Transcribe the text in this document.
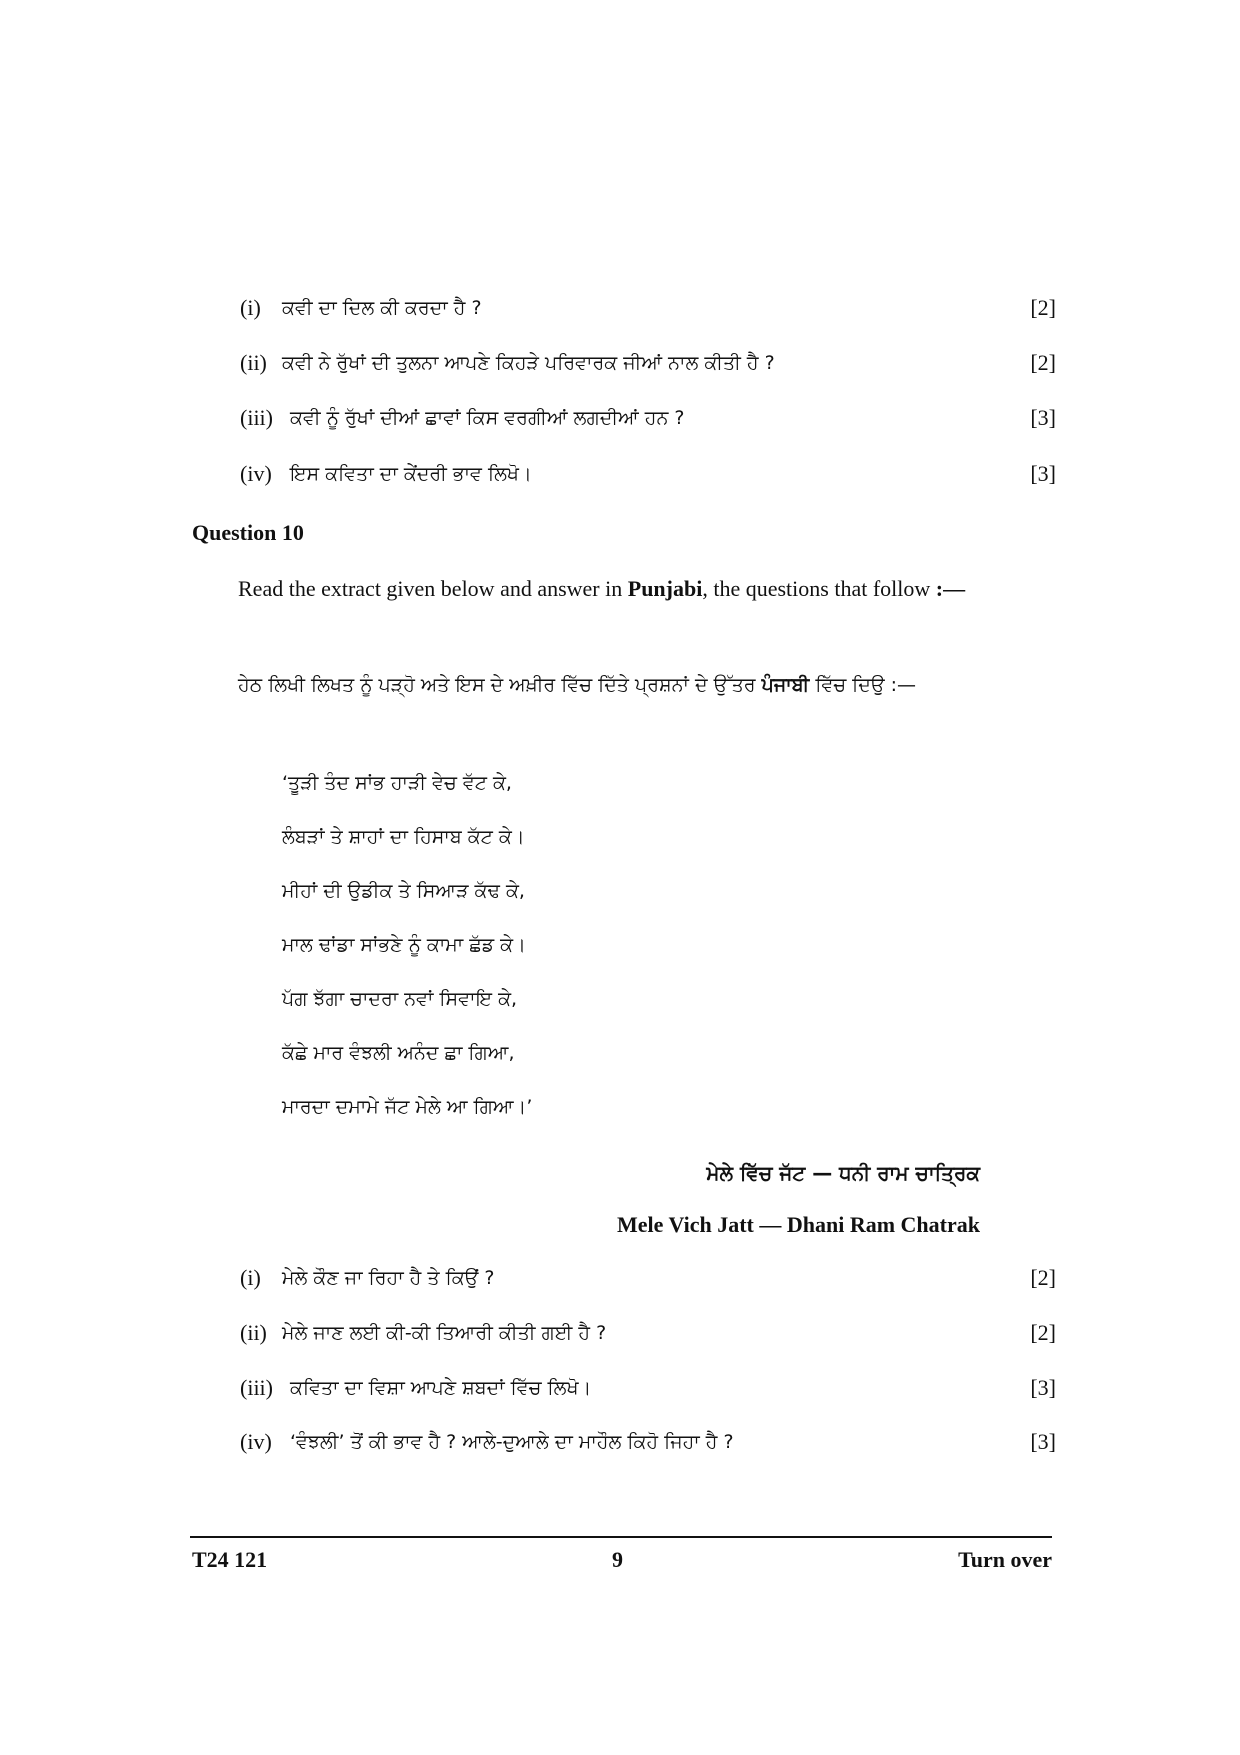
(i) ਕਵੀ ਦਾ ਦਿਲ ਕੀ ਕਰਦਾ ਹੈ ?	[2]
(ii) ਕਵੀ ਨੇ ਰੁੱਖਾਂ ਦੀ ਤੁਲਨਾ ਆਪਣੇ ਕਿਹੜੇ ਪਰਿਵਾਰਕ ਜੀਆਂ ਨਾਲ ਕੀਤੀ ਹੈ ?	[2]
(iii) ਕਵੀ ਨੂੰ ਰੁੱਖਾਂ ਦੀਆਂ ਛਾਵਾਂ ਕਿਸ ਵਰਗੀਆਂ ਲਗਦੀਆਂ ਹਨ ?	[3]
(iv) ਇਸ ਕਵਿਤਾ ਦਾ ਕੇਂਦਰੀ ਭਾਵ ਲਿਖੋ।	[3]
Question 10
Read the extract given below and answer in Punjabi, the questions that follow :—
ਹੇਠ ਲਿਖੀ ਲਿਖਤ ਨੂੰ ਪੜ੍ਹੋ ਅਤੇ ਇਸ ਦੇ ਅਖ਼ੀਰ ਵਿੱਚ ਦਿੱਤੇ ਪ੍ਰਸ਼ਨਾਂ ਦੇ ਉੱਤਰ ਪੰਜਾਬੀ ਵਿੱਚ ਦਿਉ :—
‘ਤੂੜੀ ਤੰਦ ਸਾਂਭ ਹਾੜੀ ਵੇਚ ਵੱਟ ਕੇ,
ਲੰਬੜਾਂ ਤੇ ਸ਼ਾਹਾਂ ਦਾ ਹਿਸਾਬ ਕੱਟ ਕੇ।
ਮੀਹਾਂ ਦੀ ਉਡੀਕ ਤੇ ਸਿਆੜ ਕੱਢ ਕੇ,
ਮਾਲ ਢਾਂਡਾ ਸਾਂਭਣੇ ਨੂੰ ਕਾਮਾ ਛੱਡ ਕੇ।
ਪੱਗ ਝੱਗਾ ਚਾਦਰਾ ਨਵਾਂ ਸਿਵਾਇ ਕੇ,
ਕੱਛੇ ਮਾਰ ਵੰਝਲੀ ਅਨੰਦ ਛਾ ਗਿਆ,
ਮਾਰਦਾ ਦਮਾਮੇ ਜੱਟ ਮੇਲੇ ਆ ਗਿਆ।’
ਮੇਲੇ ਵਿੱਚ ਜੱਟ — ਧਨੀ ਰਾਮ ਚਾਤ੍ਰਿਕ
Mele Vich Jatt — Dhani Ram Chatrak
(i) ਮੇਲੇ ਕੌਣ ਜਾ ਰਿਹਾ ਹੈ ਤੇ ਕਿਉਂ ?	[2]
(ii) ਮੇਲੇ ਜਾਣ ਲਈ ਕੀ-ਕੀ ਤਿਆਰੀ ਕੀਤੀ ਗਈ ਹੈ ?	[2]
(iii) ਕਵਿਤਾ ਦਾ ਵਿਸ਼ਾ ਆਪਣੇ ਸ਼ਬਦਾਂ ਵਿੱਚ ਲਿਖੋ।	[3]
(iv) ‘ਵੰਝਲੀ’ ਤੋਂ ਕੀ ਭਾਵ ਹੈ ? ਆਲੇ-ਦੁਆਲੇ ਦਾ ਮਾਹੌਲ ਕਿਹੋ ਜਿਹਾ ਹੈ ?	[3]
T24 121	9	Turn over
